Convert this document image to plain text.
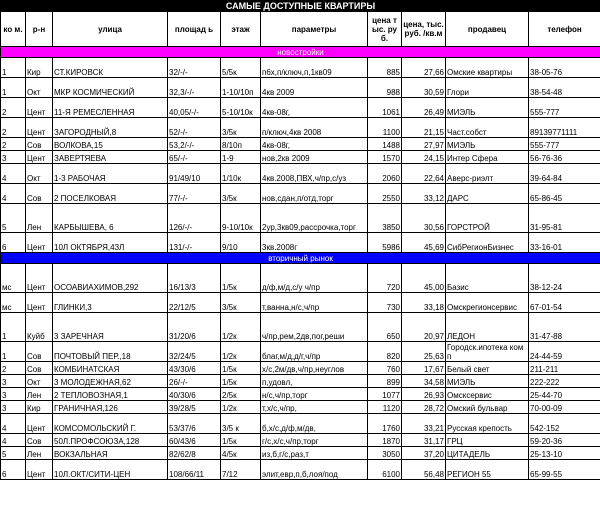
САМЫЕ ДОСТУПНЫЕ КВАРТИРЫ									
ко м.	р-н	улица	площад ь	этаж	параметры	цена тыс. руб.	цена, тыс.руб. /кв.м	продавец	телефон
новостройки									
1	Кир	СТ.КИРОВСК	32/-/-	5/5к	п6х,п/ключ,п,1кв09	885	27,66	Омские квартиры	38-05-76
1	Окт	МКР КОСМИЧЕСКИЙ	32,3/-/-	1-10/10п	4кв 2009	988	30,59	Глори	38-54-48
2	Цент	11-Я РЕМЕСЛЕННАЯ	40,05/-/-	5-10/10к	4кв-08г,	1061	26,49	МИЭЛЬ	555-777
2	Цент	ЗАГОРОДНЫЙ,8	52/-/-	3/5к	п/ключ,4кв 2008	1100	21,15	Част.собст	89139771111
2	Сов	ВОЛКОВА,15	53,2/-/-	8/10п	4кв-08г,	1488	27,97	МИЭЛЬ	555-777
3	Цент	ЗАВЕРТЯЕВА	65/-/-	1-9	нов,2кв 2009	1570	24,15	Интер Сфера	56-76-36
4	Окт	1-3 РАБОЧАЯ	91/49/10	1/10к	4кв.2008,ПВХ,ч/пр,с/уз	2060	22,64	Аверс-риэлт	39-64-84
4	Сов	2 ПОСЕЛКОВАЯ	77/-/-	3/5к	нов,сдан,п/отд,торг	2550	33,12	ДАРС	65-86-45
5	Лен	КАРБЫШЕВА, 6	126/-/-	9-10/10к	2ур,3кв09,рассрочка,торг	3850	30,56	ГОРСТРОЙ	31-95-81
6	Цент	10Л ОКТЯБРЯ,43Л	131/-/-	9/10	3кв.2008г	5986	45,69	СибРегионБизнес	33-16-01
вторичный рынок									
мс	Цент	ОСОАВИАХИМОВ,292	16/13/3	1/5к	д/ф,м/д,с/у ч/пр	720	45,00	Базис	38-12-24
мс	Цент	ГЛИНКИ,3	22/12/5	3/5к	т,ванна,н/с,ч/пр	730	33,18	Омскрегионсервис	67-01-54
1	Куйб	3 ЗАРЕЧНАЯ	31/20/6	1/2к	ч/пр,рем,2дв,пог,реши	650	20,97	ЛЕДОН	31-47-88
1	Сов	ПОЧТОВЫЙ ПЕР.,18	32/24/5	1/2к	благ,м/д,д/г,ч/пр	820	25,63	Городск.ипотека комп	24-44-59
2	Сов	КОМБИНАТСКАЯ	43/30/6	1/5к	х/с,2м/дв,ч/пр,неуглов	760	17,67	Белый свет	211-211
3	Окт	3 МОЛОДЕЖНАЯ,62	26/-/-	1/5к	п,удовл,	899	34,58	МИЭЛЬ	222-222
3	Лен	2 ТЕПЛОВОЗНАЯ,1	40/30/6	2/5к	н/с,ч/пр,торг	1077	26,93	Омсксервис	25-44-70
3	Кир	ГРАНИЧНАЯ,126	39/28/5	1/2к	т,х/с,ч/пр,	1120	28,72	Омский бульвар	70-00-09
4	Цент	КОМСОМОЛЬСКИЙ Г.	53/37/6	3/5 к	б,х/с,д/ф,м/дв,	1760	33,21	Русская крепость	542-152
4	Сов	50Л.ПРОФСОЮЗА,128	60/43/6	1/5к	г/с,х/с,ч/пр,торг	1870	31,17	ГРЦ	59-20-36
5	Лен	ВОКЗАЛЬНАЯ	82/62/8	4/5к	из,б,г/с,раз,т	3050	37,20	ЦИТАДЕЛЬ	25-13-10
6	Цент	10Л.ОКТ/СИТИ-ЦЕН	108/66/11	7/12	элит,евр,п,б,лоя/под	6100	56,48	РЕГИОН 55	65-99-55
